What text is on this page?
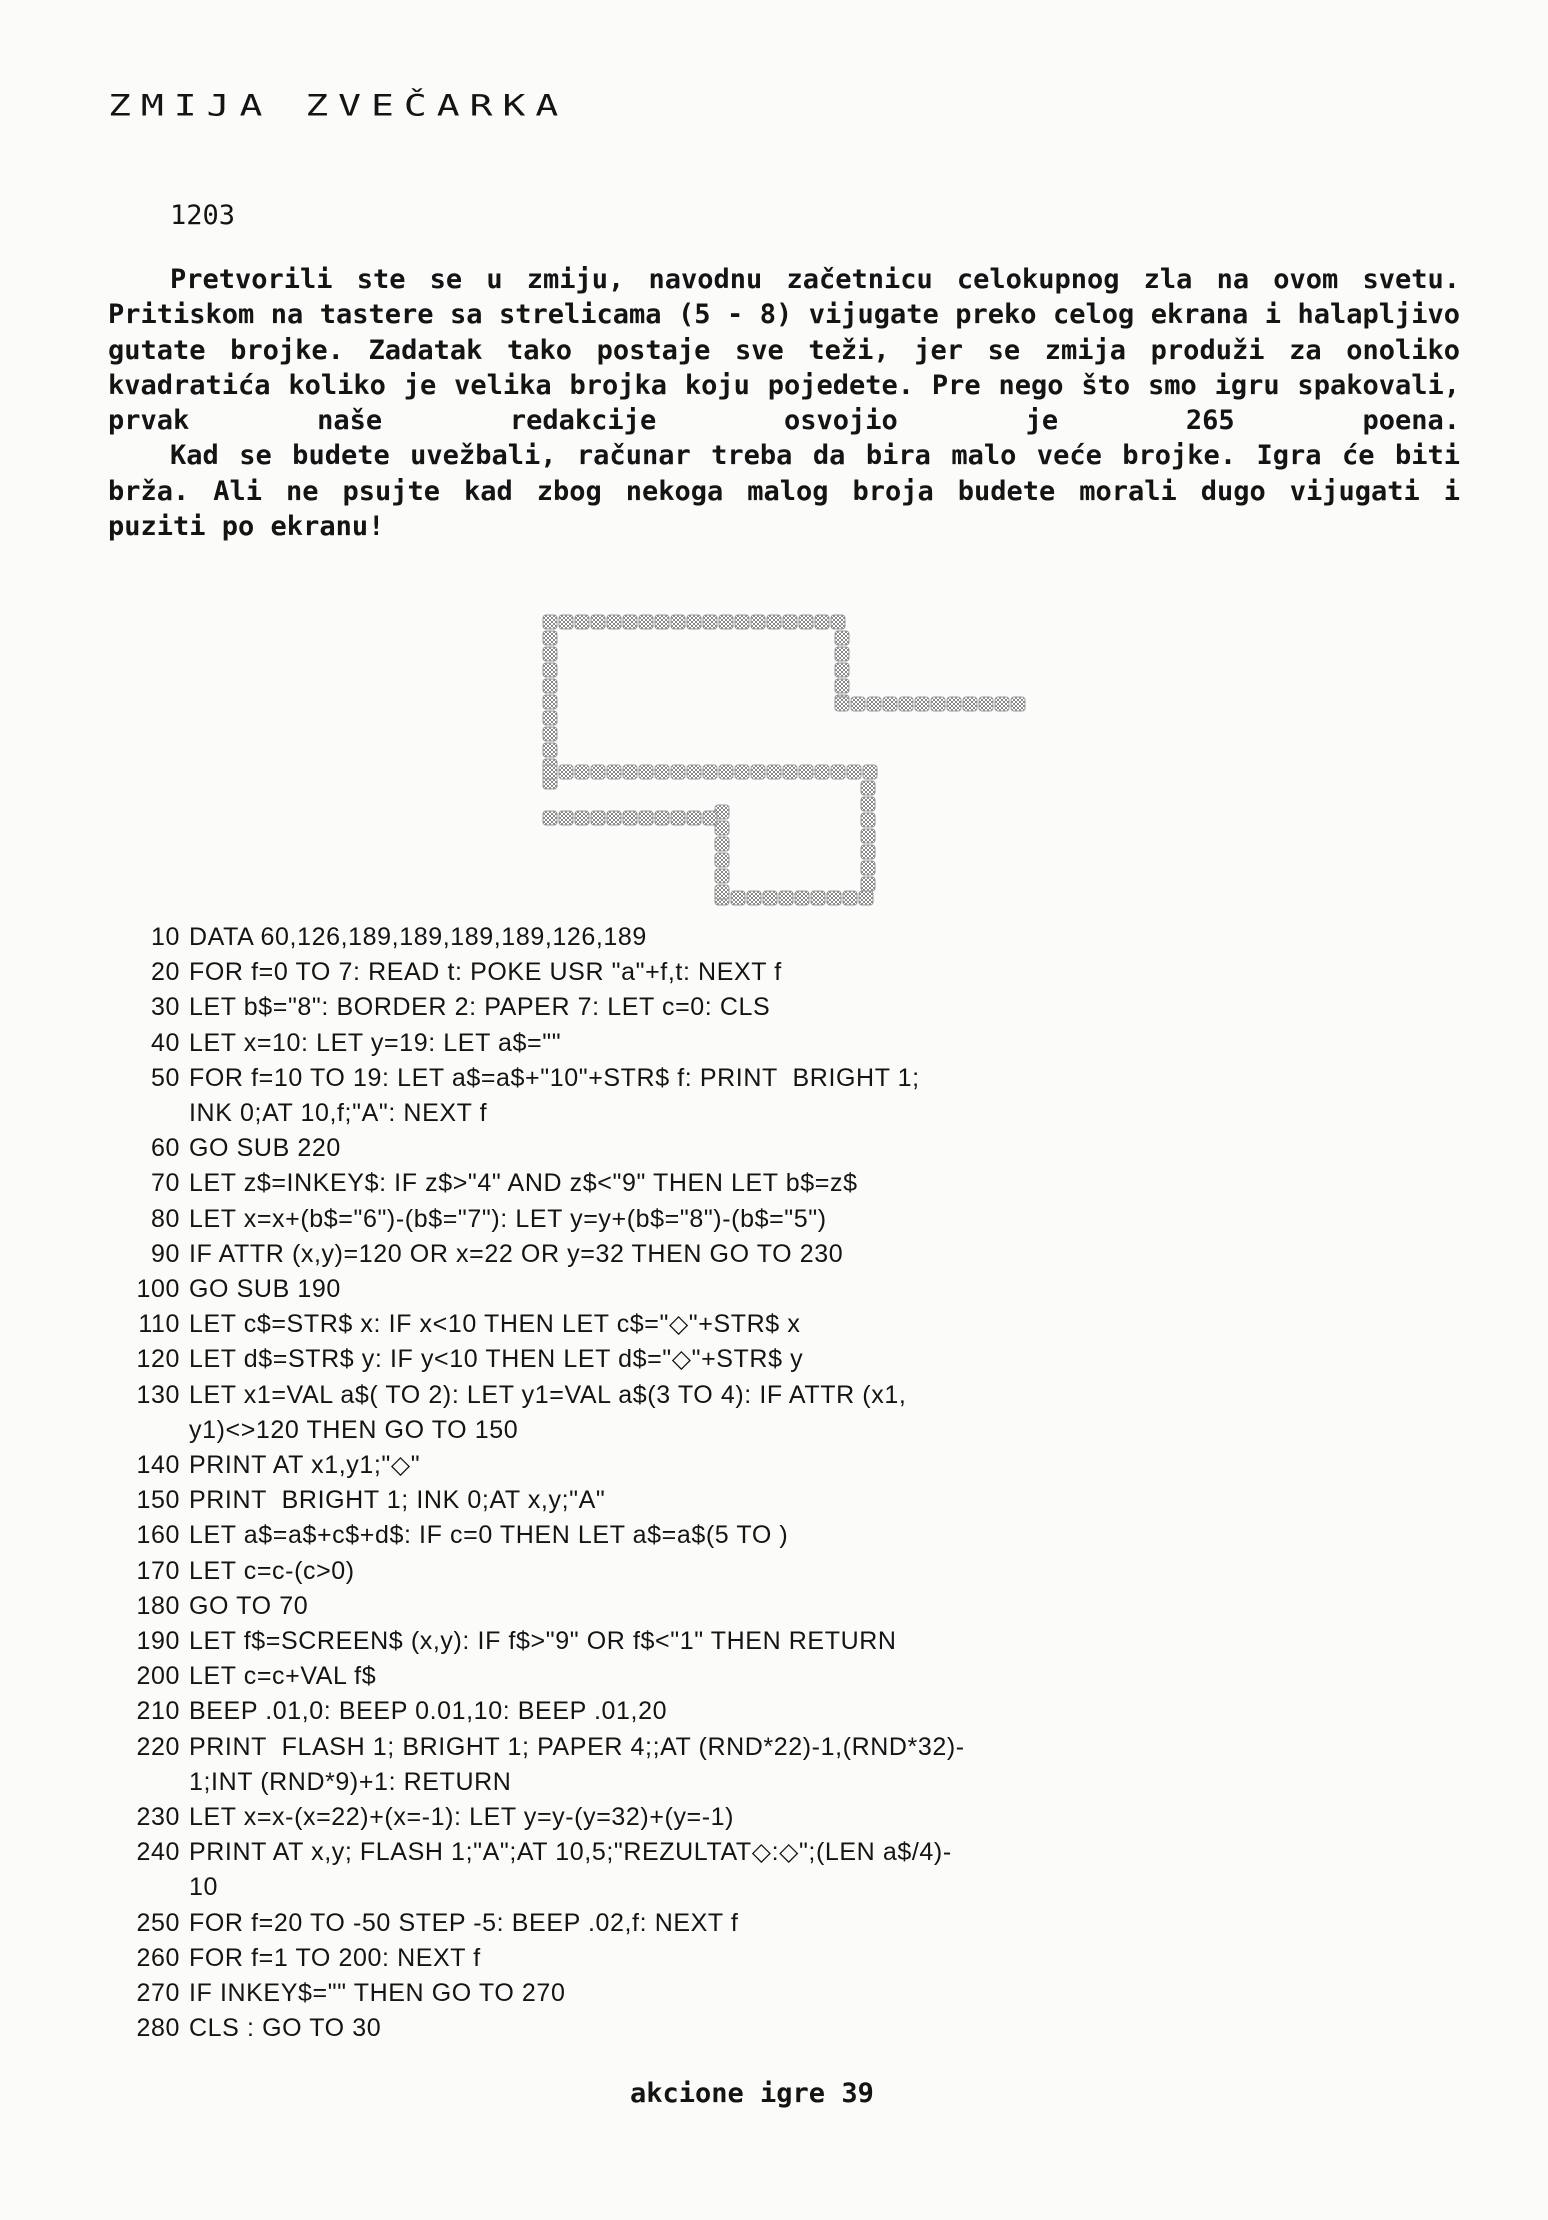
ZMIJA ZVEČARKA
1203

Pretvorili ste se u zmiju, navodnu začetnicu celokupnog zla na ovom svetu. Pritiskom na tastere sa strelicama (5 - 8) vijugate preko celog ekrana i halapljivo gutate brojke. Zadatak tako postaje sve teži, jer se zmija produži za onoliko kvadratića koliko je velika brojka koju pojedete. Pre nego što smo igru spakovali, prvak naše redakcije osvojio je 265 poena.

Kad se budete uvežbali, računar treba da bira malo veće brojke. Igra će biti brža. Ali ne psujte kad zbog nekoga malog broja budete morali dugo vijugati i puziti po ekranu!

10 DATA 60,126,189,189,189,189,126,189
20 FOR f=0 TO 7: READ t: POKE USR "a"+f,t: NEXT f
30 LET b$="8": BORDER 2: PAPER 7: LET c=0: CLS
40 LET x=10: LET y=19: LET a$=""
50 FOR f=10 TO 19: LET a$=a$+"10"+STR$ f: PRINT  BRIGHT 1;
INK 0;AT 10,f;"A": NEXT f
60 GO SUB 220
70 LET z$=INKEY$: IF z$>"4" AND z$<"9" THEN LET b$=z$
80 LET x=x+(b$="6")-(b$="7"): LET y=y+(b$="8")-(b$="5")
90 IF ATTR (x,y)=120 OR x=22 OR y=32 THEN GO TO 230
100 GO SUB 190
110 LET c$=STR$ x: IF x<10 THEN LET c$="◇"+STR$ x
120 LET d$=STR$ y: IF y<10 THEN LET d$="◇"+STR$ y
130 LET x1=VAL a$( TO 2): LET y1=VAL a$(3 TO 4): IF ATTR (x1,
y1)<>120 THEN GO TO 150
140 PRINT AT x1,y1;"◇"
150 PRINT  BRIGHT 1; INK 0;AT x,y;"A"
160 LET a$=a$+c$+d$: IF c=0 THEN LET a$=a$(5 TO )
170 LET c=c-(c>0)
180 GO TO 70
190 LET f$=SCREEN$ (x,y): IF f$>"9" OR f$<"1" THEN RETURN
200 LET c=c+VAL f$
210 BEEP .01,0: BEEP 0.01,10: BEEP .01,20
220 PRINT  FLASH 1; BRIGHT 1; PAPER 4;;AT (RND*22)-1,(RND*32)-
1;INT (RND*9)+1: RETURN
230 LET x=x-(x=22)+(x=-1): LET y=y-(y=32)+(y=-1)
240 PRINT AT x,y; FLASH 1;"A";AT 10,5;"REZULTAT◇:◇";(LEN a$/4)-
10
250 FOR f=20 TO -50 STEP -5: BEEP .02,f: NEXT f
260 FOR f=1 TO 200: NEXT f
270 IF INKEY$="" THEN GO TO 270
280 CLS : GO TO 30
akcione igre 39
